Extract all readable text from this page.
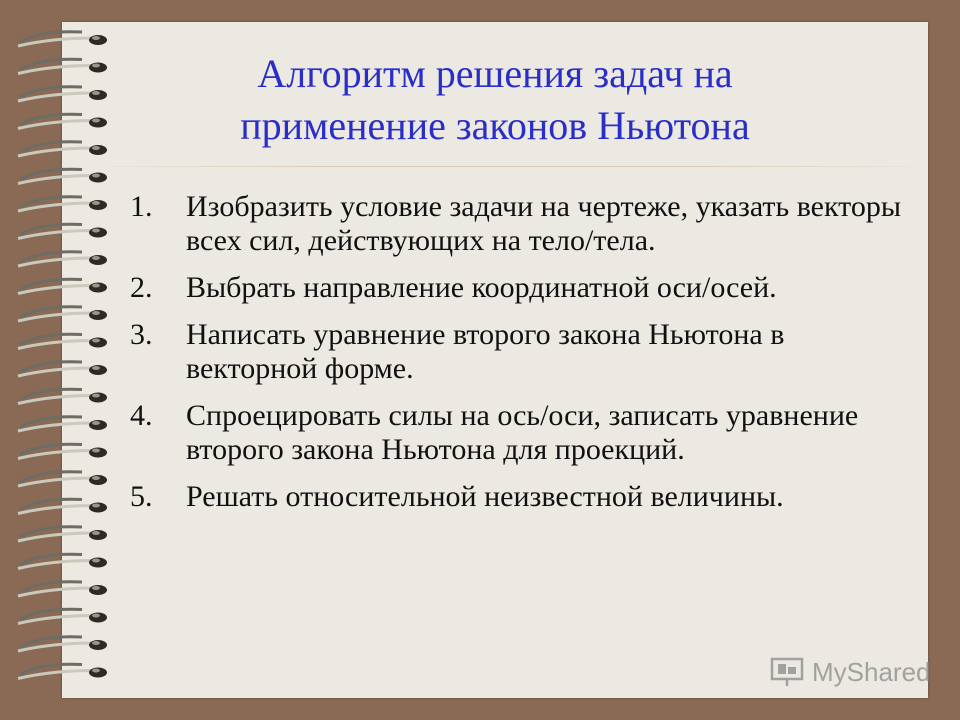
Алгоритм решения задач на
применение законов Ньютона
1.	Изобразить условие задачи на чертеже, указать векторы всех сил, действующих на тело/тела.
2.	Выбрать направление координатной оси/осей.
3.	Написать уравнение второго закона Ньютона в векторной форме.
4.	Спроецировать силы на ось/оси, записать уравнение второго закона Ньютона для проекций.
5.	Решать относительной неизвестной величины.
MyShared
